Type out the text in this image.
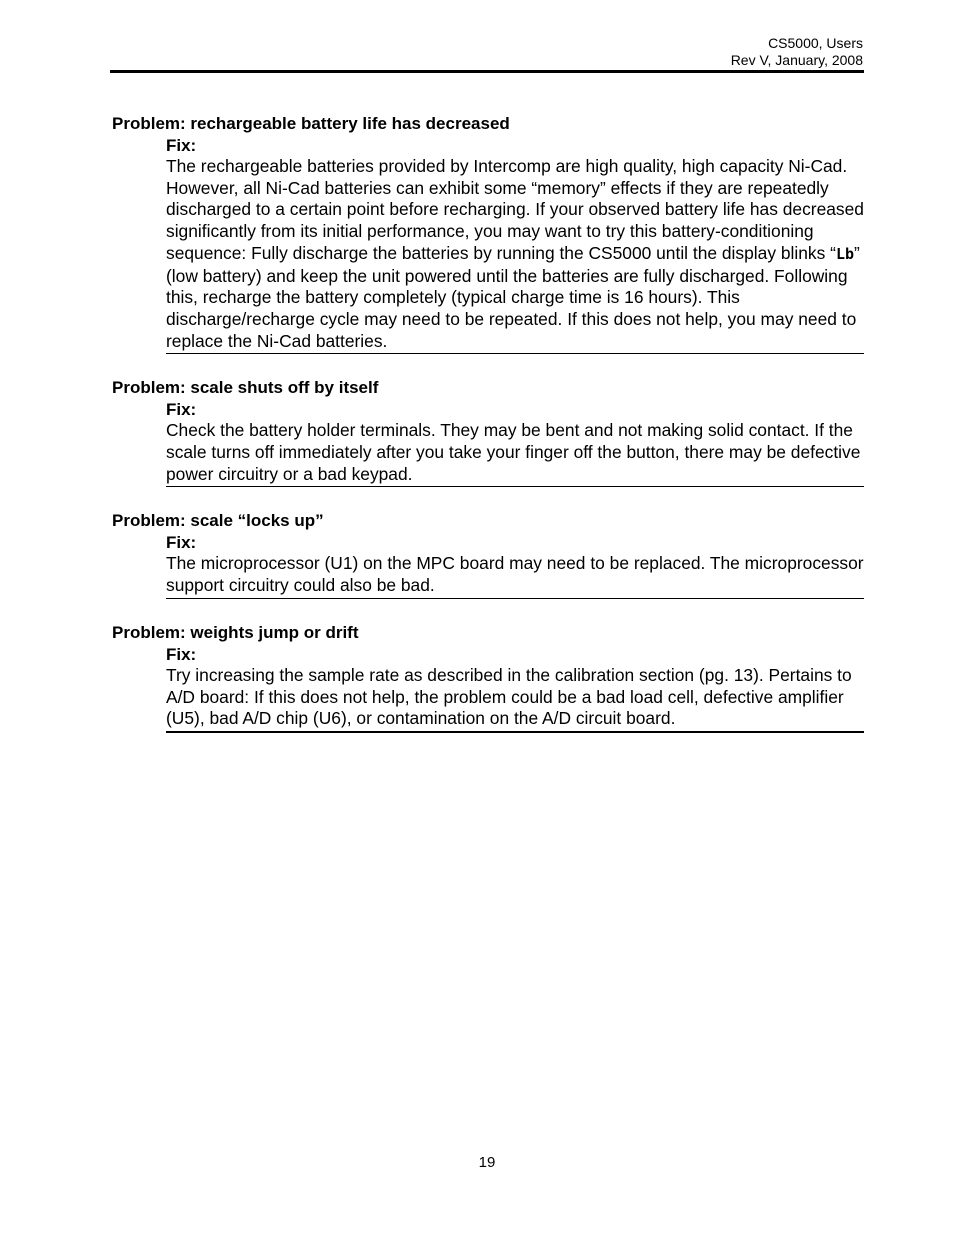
CS5000, Users
Rev V, January, 2008
Problem: rechargeable battery life has decreased
Fix:

The rechargeable batteries provided by Intercomp are high quality, high capacity Ni-Cad. However, all Ni-Cad batteries can exhibit some “memory” effects if they are repeatedly discharged to a certain point before recharging. If your observed battery life has decreased significantly from its initial performance, you may want to try this battery-conditioning sequence: Fully discharge the batteries by running the CS5000 until the display blinks “Lb” (low battery) and keep the unit powered until the batteries are fully discharged. Following this, recharge the battery completely (typical charge time is 16 hours). This discharge/recharge cycle may need to be repeated. If this does not help, you may need to replace the Ni-Cad batteries.

Problem: scale shuts off by itself
Fix:

Check the battery holder terminals. They may be bent and not making solid contact. If the scale turns off immediately after you take your finger off the button, there may be defective power circuitry or a bad keypad.

Problem: scale “locks up”
Fix:

The microprocessor (U1) on the MPC board may need to be replaced. The microprocessor support circuitry could also be bad.

Problem: weights jump or drift
Fix:

Try increasing the sample rate as described in the calibration section (pg. 13). Pertains to A/D board: If this does not help, the problem could be a bad load cell, defective amplifier (U5), bad A/D chip (U6), or contamination on the A/D circuit board.

19
